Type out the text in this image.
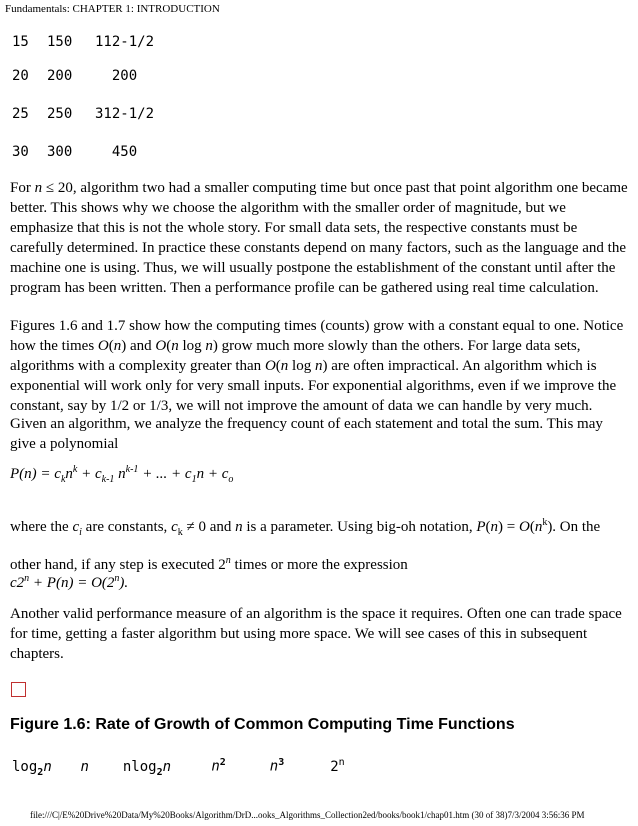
Fundamentals: CHAPTER 1: INTRODUCTION
15 150 112-1/2
20 200  200
25 250 312-1/2
30 300  450
For n ≤ 20, algorithm two had a smaller computing time but once past that point algorithm one became better. This shows why we choose the algorithm with the smaller order of magnitude, but we emphasize that this is not the whole story. For small data sets, the respective constants must be carefully determined. In practice these constants depend on many factors, such as the language and the machine one is using. Thus, we will usually postpone the establishment of the constant until after the program has been written. Then a performance profile can be gathered using real time calculation.
Figures 1.6 and 1.7 show how the computing times (counts) grow with a constant equal to one. Notice how the times O(n) and O(n log n) grow much more slowly than the others. For large data sets, algorithms with a complexity greater than O(n log n) are often impractical. An algorithm which is exponential will work only for very small inputs. For exponential algorithms, even if we improve the constant, say by 1/2 or 1/3, we will not improve the amount of data we can handle by very much.
Given an algorithm, we analyze the frequency count of each statement and total the sum. This may give a polynomial
$P(n) = c_kn^k + c_{k-1}$ $n^{k-1}$ + ... + $c_1n + c_o$
where the $c_i$ are constants, $c_k \ne 0$ and n is a parameter. Using big-oh notation, $P(n) = O(n^k)$. On the other hand, if any step is executed 2$^n$ times or more the expression
$c2^n + P(n) = O(2^n)$.
Another valid performance measure of an algorithm is the space it requires. Often one can trade space for time, getting a faster algorithm but using more space. We will see cases of this in subsequent chapters.
Figure 1.6: Rate of Growth of Common Computing Time Functions
$\log_2n$ n nlog$_2$n	$n^2$	$n^3$	2$^n$
file:///C|/E%20Drive%20Data/My%20Books/Algorithm/DrD...ooks_Algorithms_Collection2ed/books/book1/chap01.htm (30 of 38)7/3/2004 3:56:36 PM
